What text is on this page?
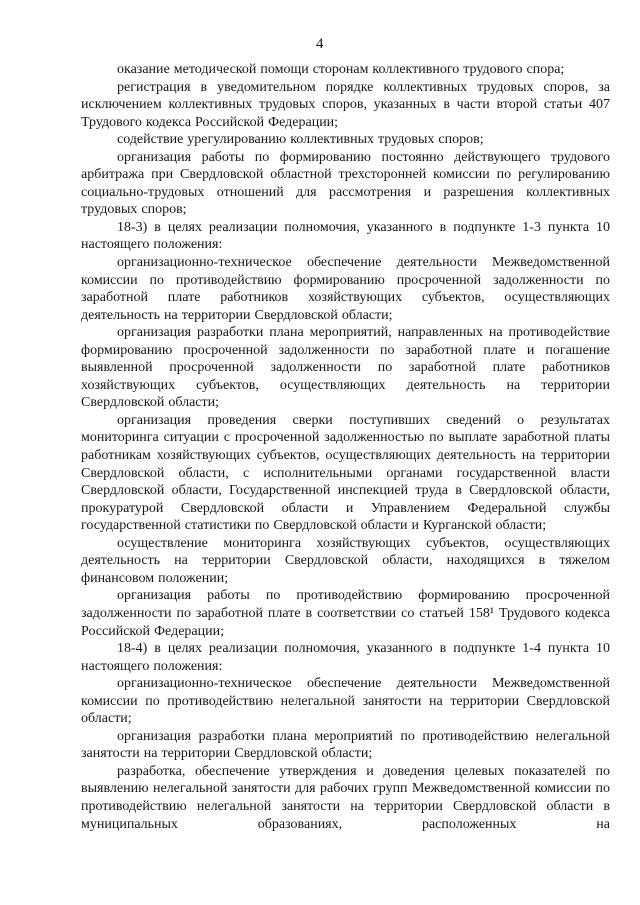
4

оказание методической помощи сторонам коллективного трудового спора;

регистрация в уведомительном порядке коллективных трудовых споров, за исключением коллективных трудовых споров, указанных в части второй статьи 407 Трудового кодекса Российской Федерации;

содействие урегулированию коллективных трудовых споров;

организация работы по формированию постоянно действующего трудового арбитража при Свердловской областной трехсторонней комиссии по регулированию социально-трудовых отношений для рассмотрения и разрешения коллективных трудовых споров;

18-3) в целях реализации полномочия, указанного в подпункте 1-3 пункта 10 настоящего положения:

организационно-техническое обеспечение деятельности Межведомственной комиссии по противодействию формированию просроченной задолженности по заработной плате работников хозяйствующих субъектов, осуществляющих деятельность на территории Свердловской области;

организация разработки плана мероприятий, направленных на противодействие формированию просроченной задолженности по заработной плате и погашение выявленной просроченной задолженности по заработной плате работников хозяйствующих субъектов, осуществляющих деятельность на территории Свердловской области;

организация проведения сверки поступивших сведений о результатах мониторинга ситуации с просроченной задолженностью по выплате заработной платы работникам хозяйствующих субъектов, осуществляющих деятельность на территории Свердловской области, с исполнительными органами государственной власти Свердловской области, Государственной инспекцией труда в Свердловской области, прокуратурой Свердловской области и Управлением Федеральной службы государственной статистики по Свердловской области и Курганской области;

осуществление мониторинга хозяйствующих субъектов, осуществляющих деятельность на территории Свердловской области, находящихся в тяжелом финансовом положении;

организация работы по противодействию формированию просроченной задолженности по заработной плате в соответствии со статьей 158¹ Трудового кодекса Российской Федерации;

18-4) в целях реализации полномочия, указанного в подпункте 1-4 пункта 10 настоящего положения:

организационно-техническое обеспечение деятельности Межведомственной комиссии по противодействию нелегальной занятости на территории Свердловской области;

организация разработки плана мероприятий по противодействию нелегальной занятости на территории Свердловской области;

разработка, обеспечение утверждения и доведения целевых показателей по выявлению нелегальной занятости для рабочих групп Межведомственной комиссии по противодействию нелегальной занятости на территории Свердловской области в муниципальных образованиях, расположенных на
